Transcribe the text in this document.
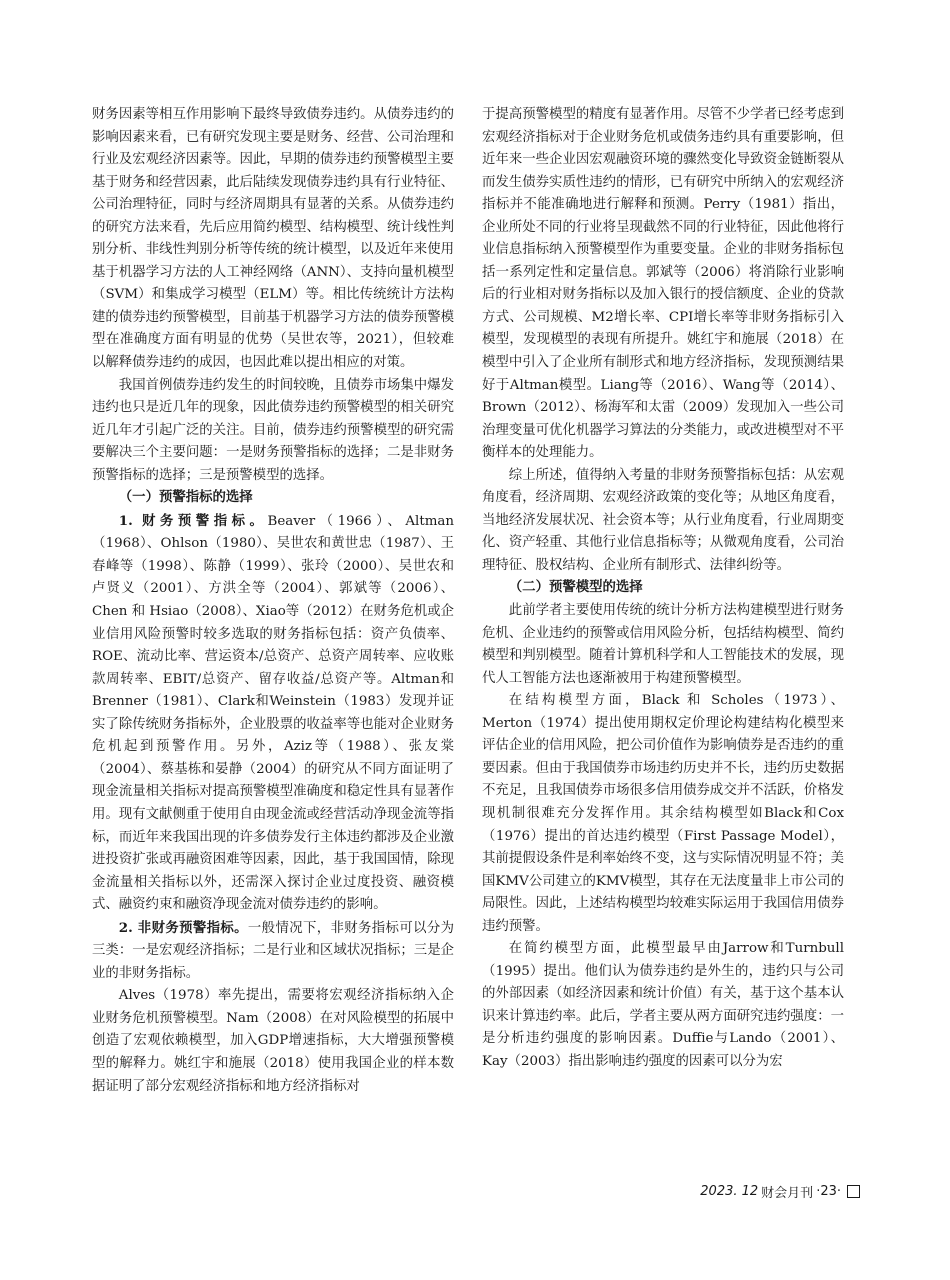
财务因素等相互作用影响下最终导致债券违约。从债券违约的影响因素来看，已有研究发现主要是财务、经营、公司治理和行业及宏观经济因素等。因此，早期的债券违约预警模型主要基于财务和经营因素，此后陆续发现债券违约具有行业特征、公司治理特征，同时与经济周期具有显著的关系。从债券违约的研究方法来看，先后应用简约模型、结构模型、统计线性判别分析、非线性判别分析等传统的统计模型，以及近年来使用基于机器学习方法的人工神经网络（ANN）、支持向量机模型（SVM）和集成学习模型（ELM）等。相比传统统计方法构建的债券违约预警模型，目前基于机器学习方法的债券预警模型在准确度方面有明显的优势（吴世农等，2021），但较难以解释债券违约的成因，也因此难以提出相应的对策。

我国首例债券违约发生的时间较晚，且债券市场集中爆发违约也只是近几年的现象，因此债券违约预警模型的相关研究近几年才引起广泛的关注。目前，债券违约预警模型的研究需要解决三个主要问题：一是财务预警指标的选择；二是非财务预警指标的选择；三是预警模型的选择。

（一）预警指标的选择

1. 财务预警指标。Beaver（1966）、Altman（1968）、Ohlson（1980）、吴世农和黄世忠（1987）、王春峰等（1998）、陈静（1999）、张玲（2000）、吴世农和卢贤义（2001）、方洪全等（2004）、郭斌等（2006）、Chen 和 Hsiao（2008）、Xiao等（2012）在财务危机或企业信用风险预警时较多选取的财务指标包括：资产负债率、ROE、流动比率、营运资本/总资产、总资产周转率、应收账款周转率、EBIT/总资产、留存收益/总资产等。Altman和Brenner（1981）、Clark和Weinstein（1983）发现并证实了除传统财务指标外，企业股票的收益率等也能对企业财务危机起到预警作用。另外，Aziz等（1988）、张友棠（2004）、蔡基栋和晏静（2004）的研究从不同方面证明了现金流量相关指标对提高预警模型准确度和稳定性具有显著作用。现有文献侧重于使用自由现金流或经营活动净现金流等指标，而近年来我国出现的许多债券发行主体违约都涉及企业激进投资扩张或再融资困难等因素，因此，基于我国国情，除现金流量相关指标以外，还需深入探讨企业过度投资、融资模式、融资约束和融资净现金流对债券违约的影响。

2. 非财务预警指标。一般情况下，非财务指标可以分为三类：一是宏观经济指标；二是行业和区域状况指标；三是企业的非财务指标。

Alves（1978）率先提出，需要将宏观经济指标纳入企业财务危机预警模型。Nam（2008）在对风险模型的拓展中创造了宏观依赖模型，加入GDP增速指标，大大增强预警模型的解释力。姚红宇和施展（2018）使用我国企业的样本数据证明了部分宏观经济指标和地方经济指标对

于提高预警模型的精度有显著作用。尽管不少学者已经考虑到宏观经济指标对于企业财务危机或债务违约具有重要影响，但近年来一些企业因宏观融资环境的骤然变化导致资金链断裂从而发生债券实质性违约的情形，已有研究中所纳入的宏观经济指标并不能准确地进行解释和预测。Perry（1981）指出，企业所处不同的行业将呈现截然不同的行业特征，因此他将行业信息指标纳入预警模型作为重要变量。企业的非财务指标包括一系列定性和定量信息。郭斌等（2006）将消除行业影响后的行业相对财务指标以及加入银行的授信额度、企业的贷款方式、公司规模、M2增长率、CPI增长率等非财务指标引入模型，发现模型的表现有所提升。姚红宇和施展（2018）在模型中引入了企业所有制形式和地方经济指标，发现预测结果好于Altman模型。Liang等（2016）、Wang等（2014）、Brown（2012）、杨海军和太雷（2009）发现加入一些公司治理变量可优化机器学习算法的分类能力，或改进模型对不平衡样本的处理能力。

综上所述，值得纳入考量的非财务预警指标包括：从宏观角度看，经济周期、宏观经济政策的变化等；从地区角度看，当地经济发展状况、社会资本等；从行业角度看，行业周期变化、资产轻重、其他行业信息指标等；从微观角度看，公司治理特征、股权结构、企业所有制形式、法律纠纷等。

（二）预警模型的选择

此前学者主要使用传统的统计分析方法构建模型进行财务危机、企业违约的预警或信用风险分析，包括结构模型、简约模型和判别模型。随着计算机科学和人工智能技术的发展，现代人工智能方法也逐渐被用于构建预警模型。

在结构模型方面，Black 和 Scholes（1973）、Merton（1974）提出使用期权定价理论构建结构化模型来评估企业的信用风险，把公司价值作为影响债券是否违约的重要因素。但由于我国债券市场违约历史并不长，违约历史数据不充足，且我国债券市场很多信用债券成交并不活跃，价格发现机制很难充分发挥作用。其余结构模型如Black和Cox（1976）提出的首达违约模型（First Passage Model），其前提假设条件是利率始终不变，这与实际情况明显不符；美国KMV公司建立的KMV模型，其存在无法度量非上市公司的局限性。因此，上述结构模型均较难实际运用于我国信用债券违约预警。

在简约模型方面，此模型最早由Jarrow和Turnbull（1995）提出。他们认为债券违约是外生的，违约只与公司的外部因素（如经济因素和统计价值）有关，基于这个基本认识来计算违约率。此后，学者主要从两方面研究违约强度：一是分析违约强度的影响因素。Duffie与Lando（2001）、Kay（2003）指出影响违约强度的因素可以分为宏

2023. 12 财会月刊 ·23·
